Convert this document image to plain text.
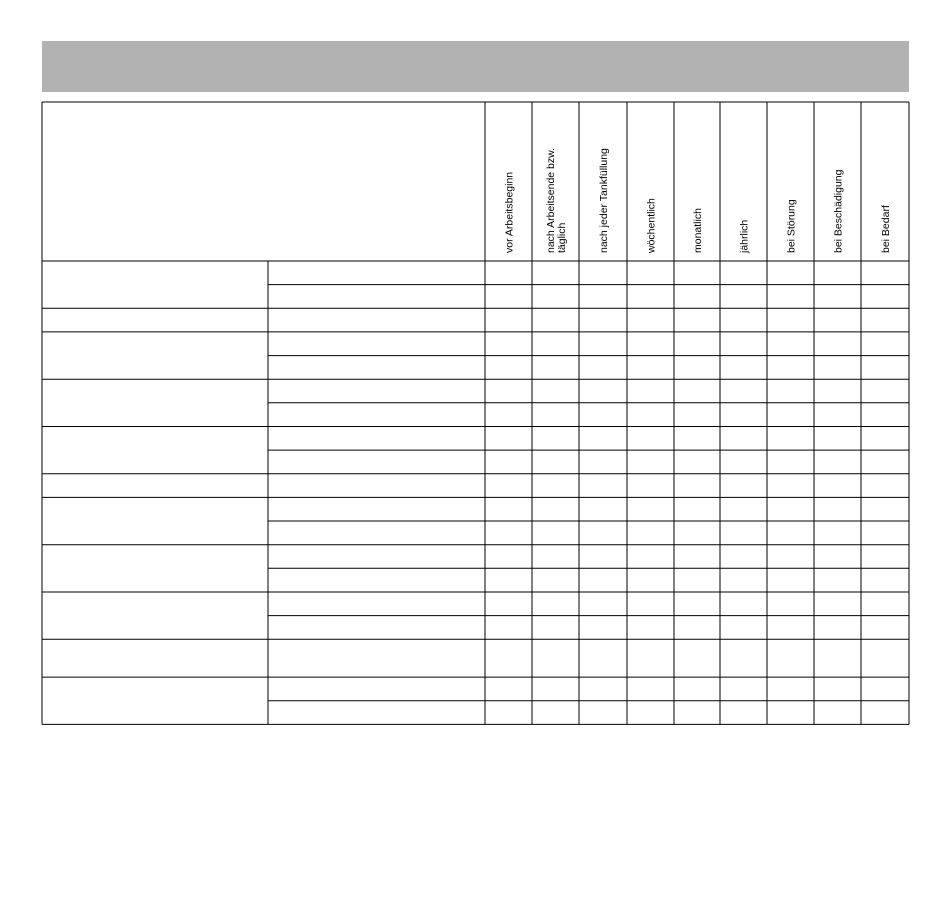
vor Arbeitsbeginn	nach Arbeitsende bzw. täglich	nach jeder Tankfüllung	wöchentlich	monatlich	jährlich	bei Störung	bei Beschädigung	bei Bedarf
